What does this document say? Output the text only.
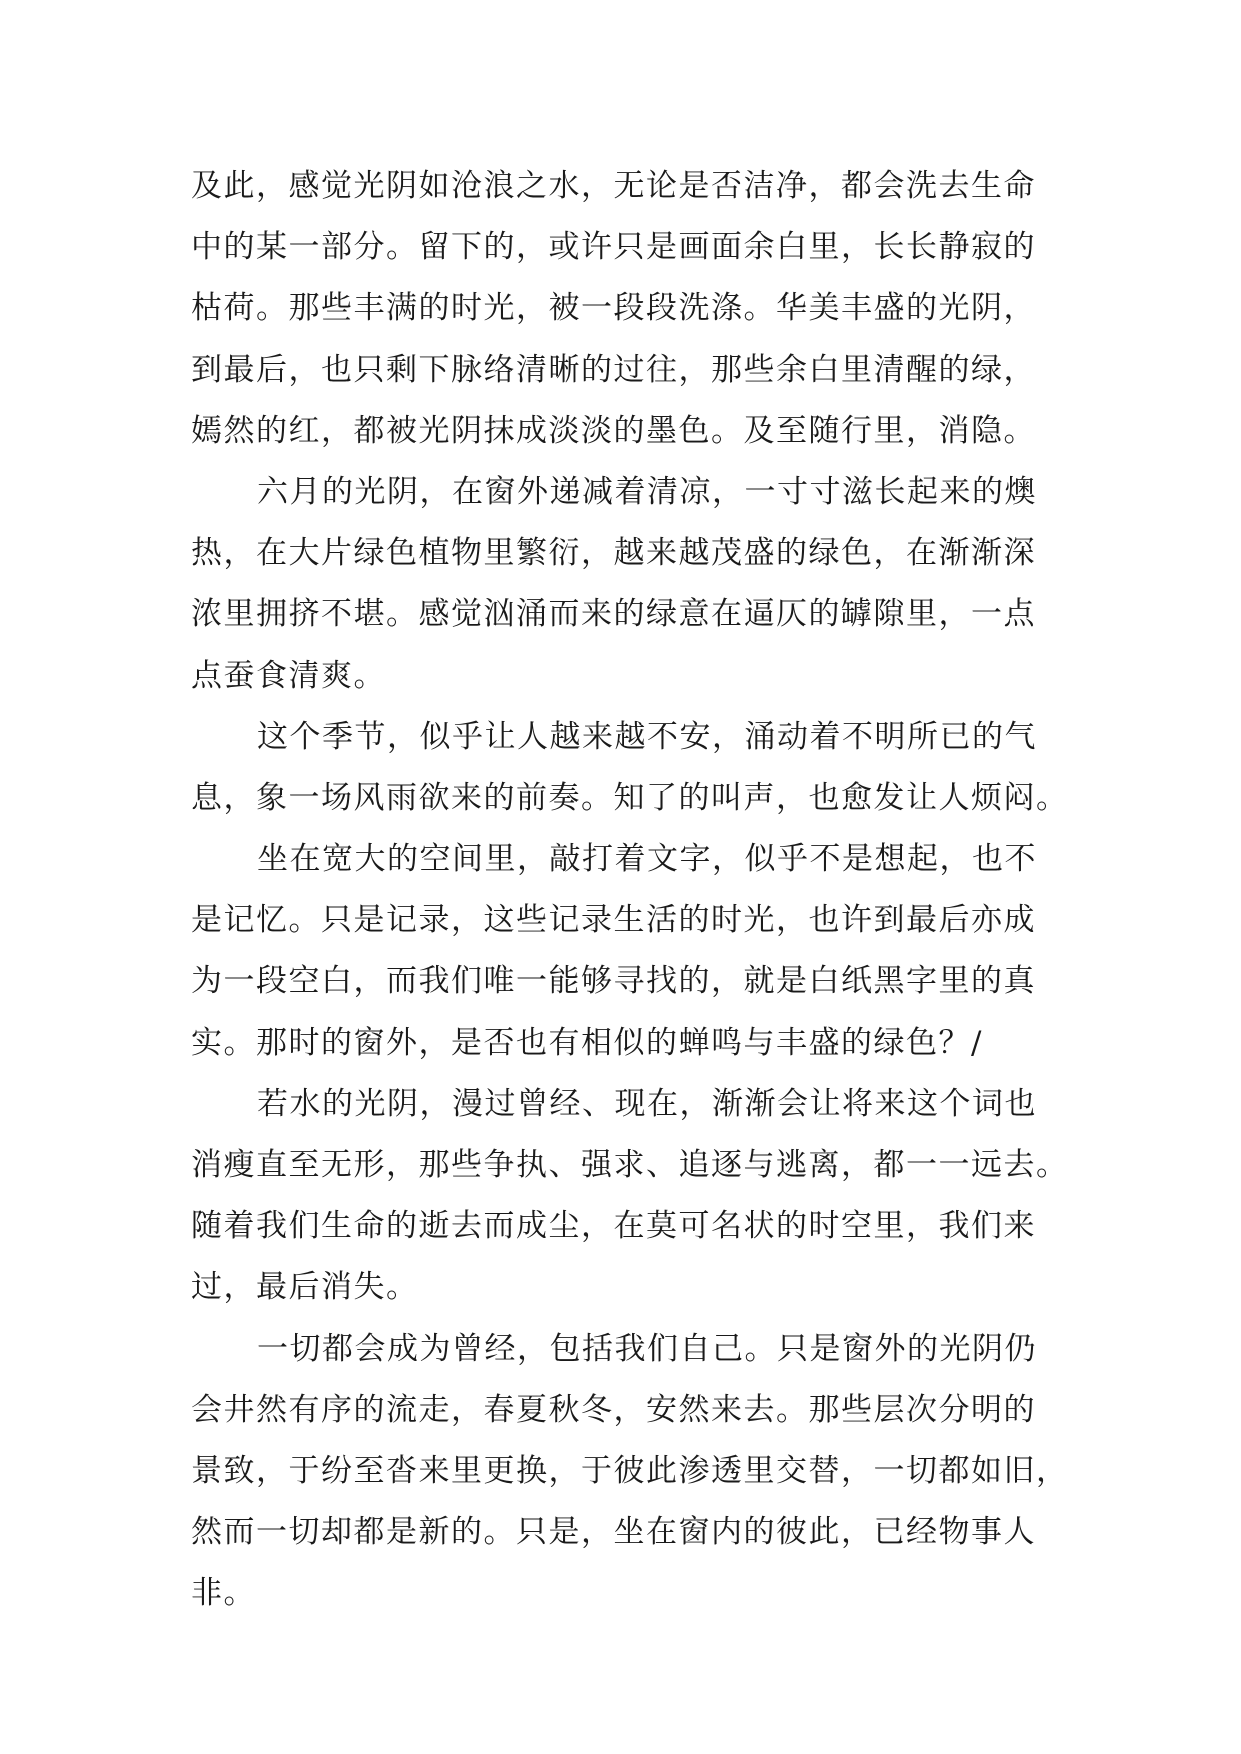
及此，感觉光阴如沧浪之水，无论是否洁净，都会洗去生命
中的某一部分。留下的，或许只是画面余白里，长长静寂的
枯荷。那些丰满的时光，被一段段洗涤。华美丰盛的光阴，
到最后，也只剩下脉络清晰的过往，那些余白里清醒的绿，
嫣然的红，都被光阴抹成淡淡的墨色。及至随行里，消隐。
六月的光阴，在窗外递减着清凉，一寸寸滋长起来的燠
热，在大片绿色植物里繁衍，越来越茂盛的绿色，在渐渐深
浓里拥挤不堪。感觉汹涌而来的绿意在逼仄的罅隙里，一点
点蚕食清爽。
这个季节，似乎让人越来越不安，涌动着不明所已的气
息，象一场风雨欲来的前奏。知了的叫声，也愈发让人烦闷。
坐在宽大的空间里，敲打着文字，似乎不是想起，也不
是记忆。只是记录，这些记录生活的时光，也许到最后亦成
为一段空白，而我们唯一能够寻找的，就是白纸黑字里的真
实。那时的窗外，是否也有相似的蝉鸣与丰盛的绿色？/
若水的光阴，漫过曾经、现在，渐渐会让将来这个词也
消瘦直至无形，那些争执、强求、追逐与逃离，都一一远去。
随着我们生命的逝去而成尘，在莫可名状的时空里，我们来
过，最后消失。
一切都会成为曾经，包括我们自己。只是窗外的光阴仍
会井然有序的流走，春夏秋冬，安然来去。那些层次分明的
景致，于纷至沓来里更换，于彼此渗透里交替，一切都如旧，
然而一切却都是新的。只是，坐在窗内的彼此，已经物事人
非。
